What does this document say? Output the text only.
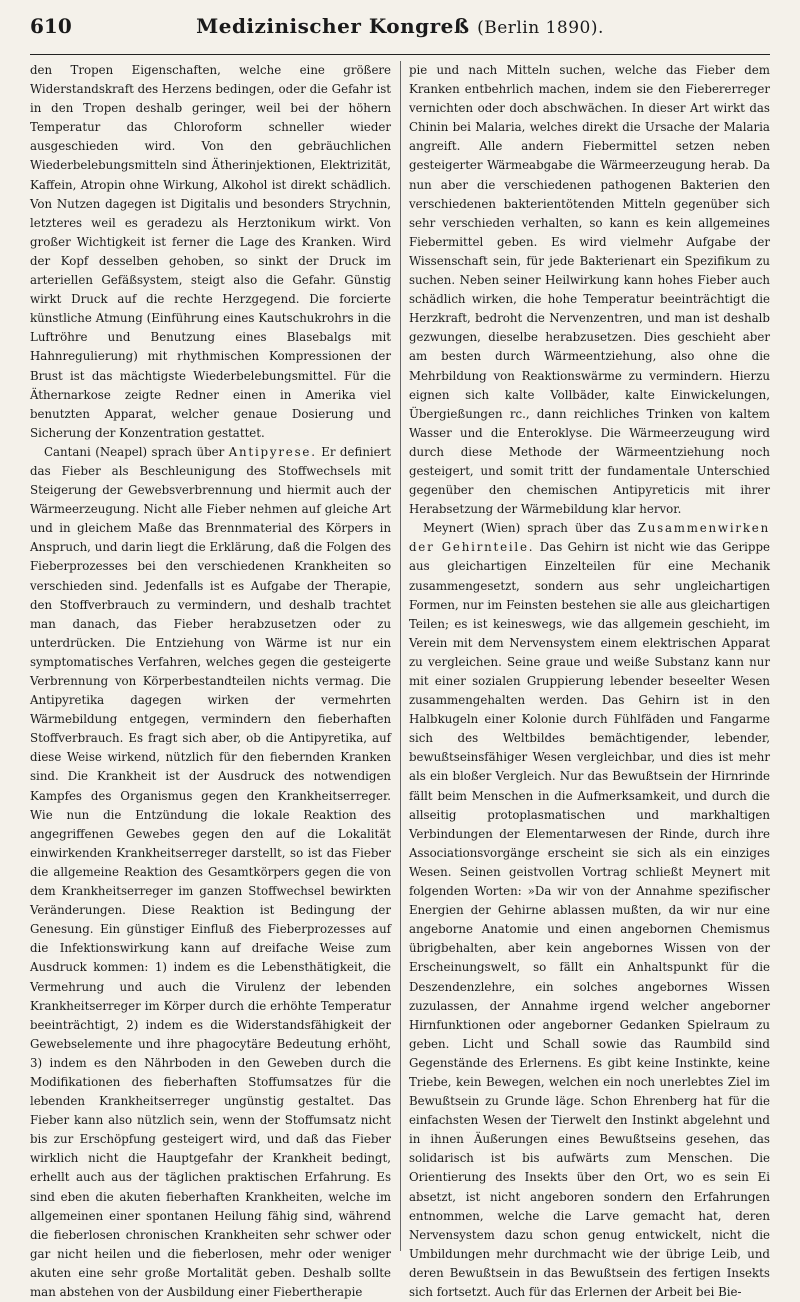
610	Medizinischer Kongreß (Berlin 1890).

den Tropen Eigenschaften, welche eine größere Widerstandskraft des Herzens bedingen, oder die Gefahr ist in den Tropen deshalb geringer, weil bei der höhern Temperatur das Chloroform schneller wieder ausgeschieden wird. Von den gebräuchlichen Wiederbelebungsmitteln sind Ätherinjektionen, Elektrizität, Kaffein, Atropin ohne Wirkung, Alkohol ist direkt schädlich. Von Nutzen dagegen ist Digitalis und besonders Strychnin, letzteres weil es geradezu als Herztonikum wirkt. Von großer Wichtigkeit ist ferner die Lage des Kranken. Wird der Kopf desselben gehoben, so sinkt der Druck im arteriellen Gefäßsystem, steigt also die Gefahr. Günstig wirkt Druck auf die rechte Herzgegend. Die forcierte künstliche Atmung (Einführung eines Kautschukrohrs in die Luftröhre und Benutzung eines Blasebalgs mit Hahnregulierung) mit rhythmischen Kompressionen der Brust ist das mächtigste Wiederbelebungsmittel. Für die Äthernarkose zeigte Redner einen in Amerika viel benutzten Apparat, welcher genaue Dosierung und Sicherung der Konzentration gestattet.

Cantani (Neapel) sprach über Antipyrese. Er definiert das Fieber als Beschleunigung des Stoffwechsels mit Steigerung der Gewebsverbrennung und hiermit auch der Wärmeerzeugung. Nicht alle Fieber nehmen auf gleiche Art und in gleichem Maße das Brennmaterial des Körpers in Anspruch, und darin liegt die Erklärung, daß die Folgen des Fieberprozesses bei den verschiedenen Krankheiten so verschieden sind. Jedenfalls ist es Aufgabe der Therapie, den Stoffverbrauch zu vermindern, und deshalb trachtet man danach, das Fieber herabzusetzen oder zu unterdrücken. Die Entziehung von Wärme ist nur ein symptomatisches Verfahren, welches gegen die gesteigerte Verbrennung von Körperbestandteilen nichts vermag. Die Antipyretika dagegen wirken der vermehrten Wärmebildung entgegen, vermindern den fieberhaften Stoffverbrauch. Es fragt sich aber, ob die Antipyretika, auf diese Weise wirkend, nützlich für den fiebernden Kranken sind. Die Krankheit ist der Ausdruck des notwendigen Kampfes des Organismus gegen den Krankheitserreger. Wie nun die Entzündung die lokale Reaktion des angegriffenen Gewebes gegen den auf die Lokalität einwirkenden Krankheitserreger darstellt, so ist das Fieber die allgemeine Reaktion des Gesamtkörpers gegen die von dem Krankheitserreger im ganzen Stoffwechsel bewirkten Veränderungen. Diese Reaktion ist Bedingung der Genesung. Ein günstiger Einfluß des Fieberprozesses auf die Infektionswirkung kann auf dreifache Weise zum Ausdruck kommen: 1) indem es die Lebensthätigkeit, die Vermehrung und auch die Virulenz der lebenden Krankheitserreger im Körper durch die erhöhte Temperatur beeinträchtigt, 2) indem es die Widerstandsfähigkeit der Gewebselemente und ihre phagocytäre Bedeutung erhöht, 3) indem es den Nährboden in den Geweben durch die Modifikationen des fieberhaften Stoffumsatzes für die lebenden Krankheitserreger ungünstig gestaltet. Das Fieber kann also nützlich sein, wenn der Stoffumsatz nicht bis zur Erschöpfung gesteigert wird, und daß das Fieber wirklich nicht die Hauptgefahr der Krankheit bedingt, erhellt auch aus der täglichen praktischen Erfahrung. Es sind eben die akuten fieberhaften Krankheiten, welche im allgemeinen einer spontanen Heilung fähig sind, während die fieberlosen chronischen Krankheiten sehr schwer oder gar nicht heilen und die fieberlosen, mehr oder weniger akuten eine sehr große Mortalität geben. Deshalb sollte man abstehen von der Ausbildung einer Fiebertherapie

pie und nach Mitteln suchen, welche das Fieber dem Kranken entbehrlich machen, indem sie den Fiebererreger vernichten oder doch abschwächen. In dieser Art wirkt das Chinin bei Malaria, welches direkt die Ursache der Malaria angreift. Alle andern Fiebermittel setzen neben gesteigerter Wärmeabgabe die Wärmeerzeugung herab. Da nun aber die verschiedenen pathogenen Bakterien den verschiedenen bakterientötenden Mitteln gegenüber sich sehr verschieden verhalten, so kann es kein allgemeines Fiebermittel geben. Es wird vielmehr Aufgabe der Wissenschaft sein, für jede Bakterienart ein Spezifikum zu suchen. Neben seiner Heilwirkung kann hohes Fieber auch schädlich wirken, die hohe Temperatur beeinträchtigt die Herzkraft, bedroht die Nervenzentren, und man ist deshalb gezwungen, dieselbe herabzusetzen. Dies geschieht aber am besten durch Wärmeentziehung, also ohne die Mehrbildung von Reaktionswärme zu vermindern. Hierzu eignen sich kalte Vollbäder, kalte Einwickelungen, Übergießungen rc., dann reichliches Trinken von kaltem Wasser und die Enteroklyse. Die Wärmeerzeugung wird durch diese Methode der Wärmeentziehung noch gesteigert, und somit tritt der fundamentale Unterschied gegenüber den chemischen Antipyreticis mit ihrer Herabsetzung der Wärmebildung klar hervor.

Meynert (Wien) sprach über das Zusammenwirken der Gehirnteile. Das Gehirn ist nicht wie das Gerippe aus gleichartigen Einzelteilen für eine Mechanik zusammengesetzt, sondern aus sehr ungleichartigen Formen, nur im Feinsten bestehen sie alle aus gleichartigen Teilen; es ist keineswegs, wie das allgemein geschieht, im Verein mit dem Nervensystem einem elektrischen Apparat zu vergleichen. Seine graue und weiße Substanz kann nur mit einer sozialen Gruppierung lebender beseelter Wesen zusammengehalten werden. Das Gehirn ist in den Halbkugeln einer Kolonie durch Fühlfäden und Fangarme sich des Weltbildes bemächtigender, lebender, bewußtseinsfähiger Wesen vergleichbar, und dies ist mehr als ein bloßer Vergleich. Nur das Bewußtsein der Hirnrinde fällt beim Menschen in die Aufmerksamkeit, und durch die allseitig protoplasmatischen und markhaltigen Verbindungen der Elementarwesen der Rinde, durch ihre Associationsvorgänge erscheint sie sich als ein einziges Wesen. Seinen geistvollen Vortrag schließt Meynert mit folgenden Worten: »Da wir von der Annahme spezifischer Energien der Gehirne ablassen mußten, da wir nur eine angeborne Anatomie und einen angebornen Chemismus übrigbehalten, aber kein angebornes Wissen von der Erscheinungswelt, so fällt ein Anhaltspunkt für die Deszendenzlehre, ein solches angebornes Wissen zuzulassen, der Annahme irgend welcher angeborner Hirnfunktionen oder angeborner Gedanken Spielraum zu geben. Licht und Schall sowie das Raumbild sind Gegenstände des Erlernens. Es gibt keine Instinkte, keine Triebe, kein Bewegen, welchen ein noch unerlebtes Ziel im Bewußtsein zu Grunde läge. Schon Ehrenberg hat für die einfachsten Wesen der Tierwelt den Instinkt abgelehnt und in ihnen Äußerungen eines Bewußtseins gesehen, das solidarisch ist bis aufwärts zum Menschen. Die Orientierung des Insekts über den Ort, wo es sein Ei absetzt, ist nicht angeboren sondern den Erfahrungen entnommen, welche die Larve gemacht hat, deren Nervensystem dazu schon genug entwickelt, nicht die Umbildungen mehr durchmacht wie der übrige Leib, und deren Bewußtsein in das Bewußtsein des fertigen Insekts sich fortsetzt. Auch für das Erlernen der Arbeit bei Bie-
